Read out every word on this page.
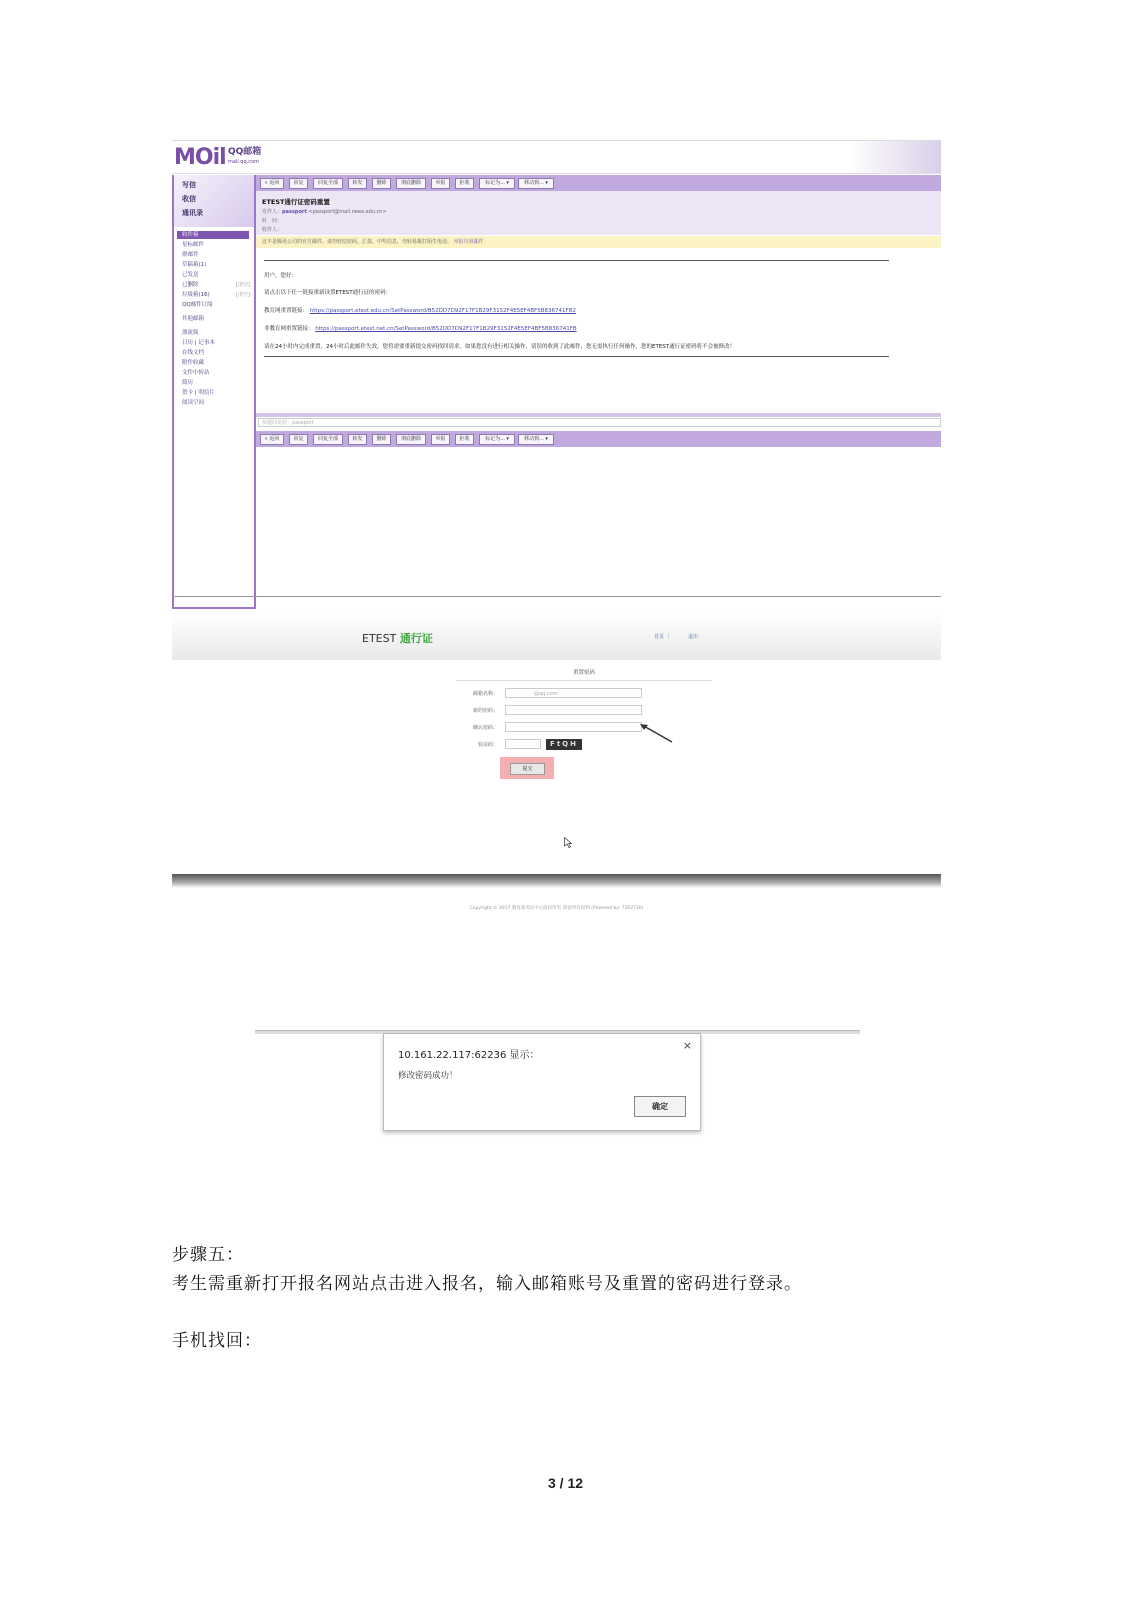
MOil QQ邮箱
mail.qq.com
写信
收信
通讯录
收件箱
星标邮件
群邮件
草稿箱(1)
已发送
已删除	[清空]
垃圾箱(16)	[清空]
QQ邮件订阅
其他邮箱
漂流瓶
日历 | 记事本
在线文档
附件收藏
文件中转站
简历
贺卡 | 明信片
阅读空间
« 返回	回复	回复全部	转发	删除	彻底删除	举报	拒收	标记为... ▾	移动到... ▾
ETEST通行证密码重置
发件人：passport <passport@mail.neea.edu.cn>
时　间：
收件人：
这不是腾讯公司的官方邮件。请勿轻信密码、汇款、中奖信息，勿轻易拨打陌生电话。 举报垃圾邮件
用户，您好：
请点击以下任一链接重新设置ETEST通行证的密码：
教育网重置链接： https://passport.etest.edu.cn/SetPassword/B52DD7D92F17F1B29F3152F4E5EF4BF5B836741FB2
非教育网重置链接： https://passport.etest.net.cn/SetPassword/B52DD7D92F17F1B29F3152F4E5EF4BF5B836741FB
请在24小时内完成重置，24小时后此邮件失效，您将需要重新提交密码找回请求。如果您没有进行相关操作，请误的收到了此邮件，您无需执行任何操作，您的ETEST通行证密码将不会被修改！
快捷回复给：passport
« 返回	回复	回复全部	转发	删除	彻底删除	举报	拒收	标记为... ▾	移动到... ▾
ETEST 通行证	首页 |	退出
重置密码
邮箱名称：	@qq.com
新的密码：
确认密码：
验证码：	FtQH
提交
Copyright © 2017 教育部考试中心版权所有 保留所有权利 (Powered by: 7362730)
10.161.22.117:62236 显示：
×
修改密码成功！
确定
步骤五：
考生需重新打开报名网站点击进入报名，输入邮箱账号及重置的密码进行登录。
手机找回：
3 / 12
